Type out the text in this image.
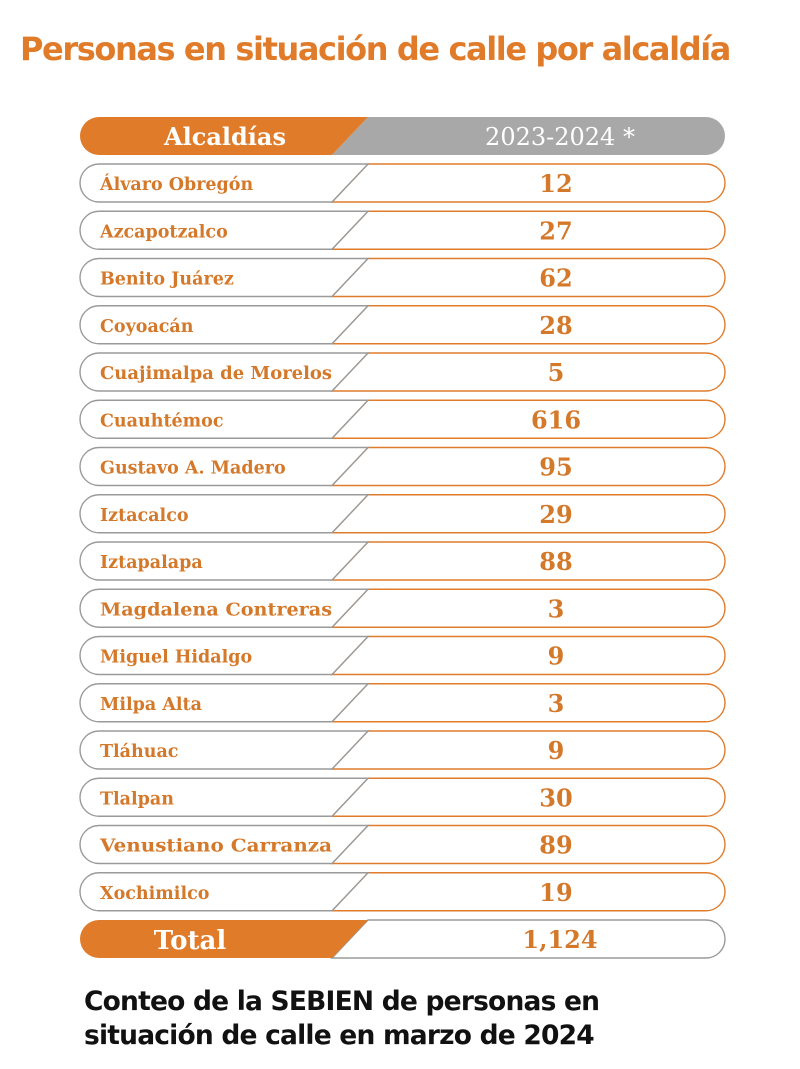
Personas en situación de calle por alcaldía
Alcaldías	2023-2024 *
Álvaro Obregón	12
Azcapotzalco	27
Benito Juárez	62
Coyoacán	28
Cuajimalpa de Morelos	5
Cuauhtémoc	616
Gustavo A. Madero	95
Iztacalco	29
Iztapalapa	88
Magdalena Contreras	3
Miguel Hidalgo	9
Milpa Alta	3
Tláhuac	9
Tlalpan	30
Venustiano Carranza	89
Xochimilco	19
Total	1,124
Conteo de la SEBIEN de personas en
situación de calle en marzo de 2024
